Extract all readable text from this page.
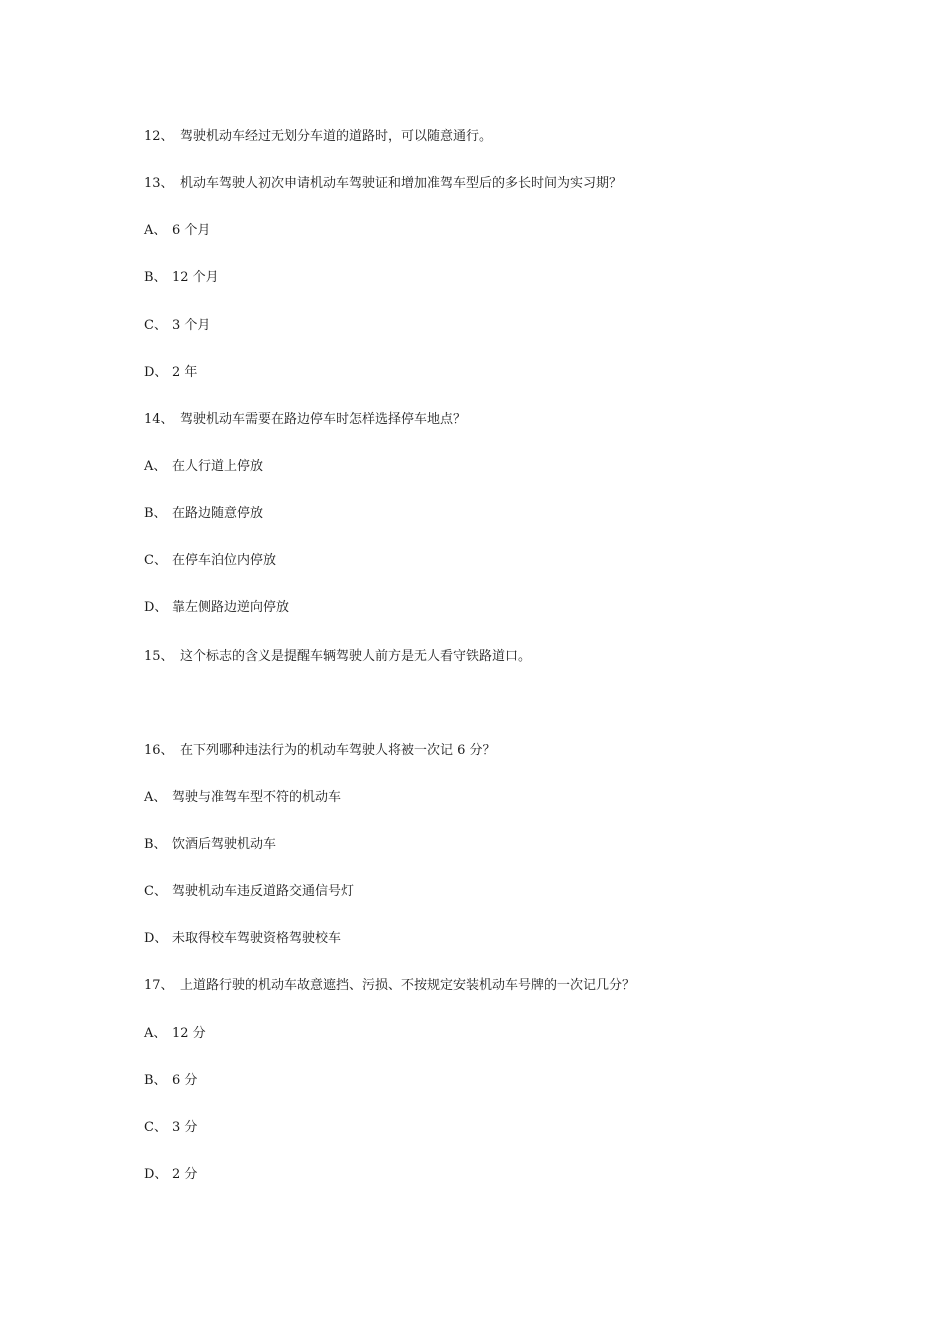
12、 驾驶机动车经过无划分车道的道路时，可以随意通行。
13、 机动车驾驶人初次申请机动车驾驶证和增加准驾车型后的多长时间为实习期？
A、 6 个月
B、 12 个月
C、 3 个月
D、 2 年
14、 驾驶机动车需要在路边停车时怎样选择停车地点？
A、 在人行道上停放
B、 在路边随意停放
C、 在停车泊位内停放
D、 靠左侧路边逆向停放
15、 这个标志的含义是提醒车辆驾驶人前方是无人看守铁路道口。
16、 在下列哪种违法行为的机动车驾驶人将被一次记 6 分？
A、 驾驶与准驾车型不符的机动车
B、 饮酒后驾驶机动车
C、 驾驶机动车违反道路交通信号灯
D、 未取得校车驾驶资格驾驶校车
17、 上道路行驶的机动车故意遮挡、污损、不按规定安装机动车号牌的一次记几分？
A、 12 分
B、 6 分
C、 3 分
D、 2 分
